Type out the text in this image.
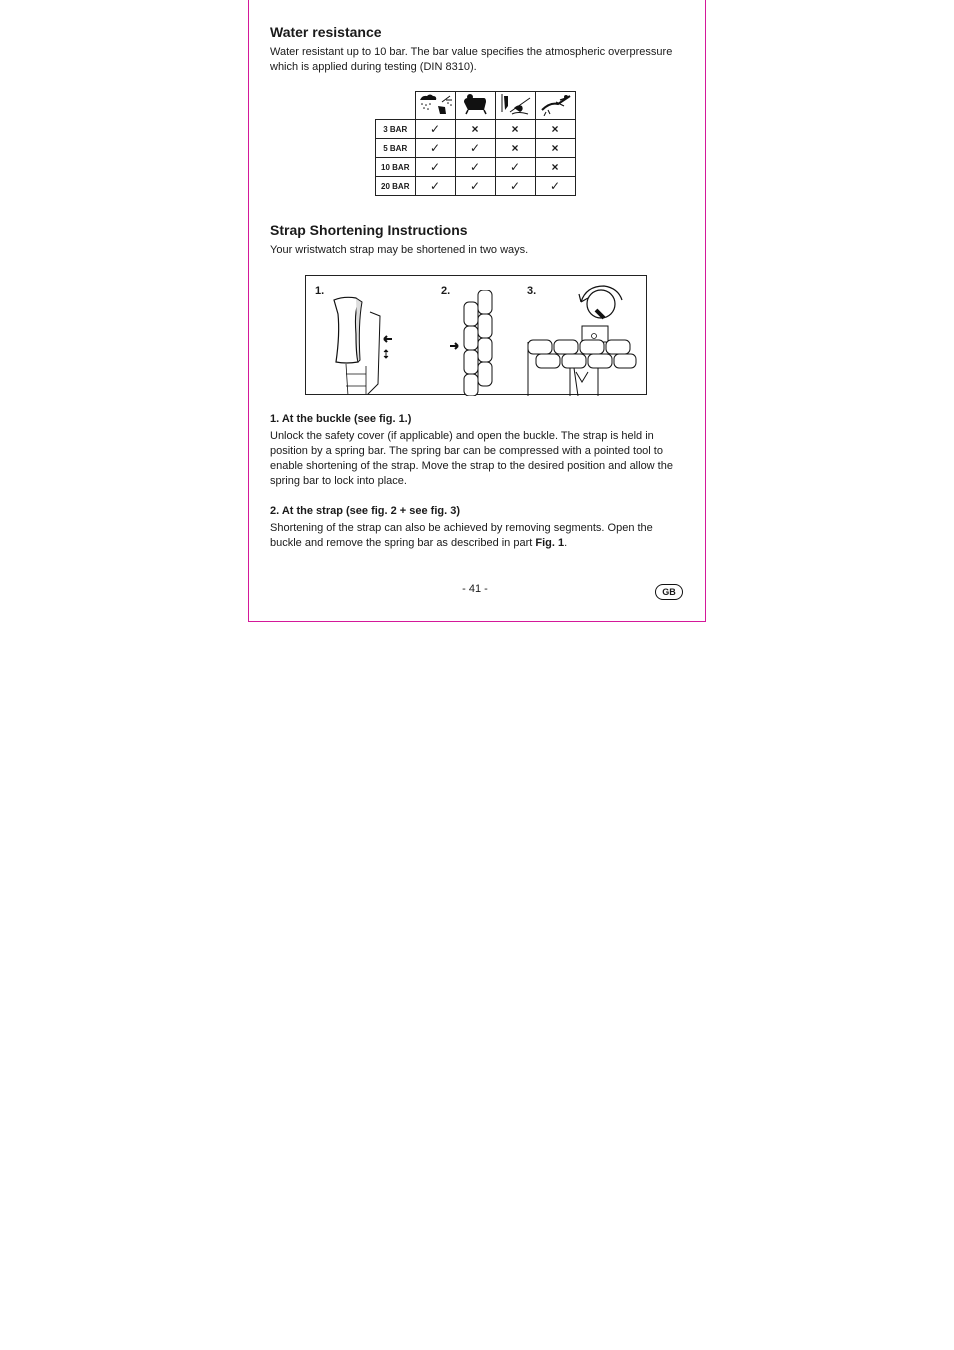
Water resistance

Water resistant up to 10 bar. The bar value specifies the atmospheric overpressure which is applied during testing (DIN 8310).

3 BAR	✓	×	×	×
5 BAR	✓	✓	×	×
10 BAR	✓	✓	✓	×
20 BAR	✓	✓	✓	✓
Strap Shortening Instructions

Your wristwatch strap may be shortened in two ways.

1.	2.	3.
1. At the buckle (see fig. 1.)

Unlock the safety cover (if applicable) and open the buckle. The strap is held in position by a spring bar. The spring bar can be compressed with a pointed tool to enable shortening of the strap. Move the strap to the desired position and allow the spring bar to lock into place.

2. At the strap (see fig. 2 + see fig. 3)

Shortening of the strap can also be achieved by removing segments. Open the buckle and remove the spring bar as described in part Fig. 1.

- 41 -	GB
